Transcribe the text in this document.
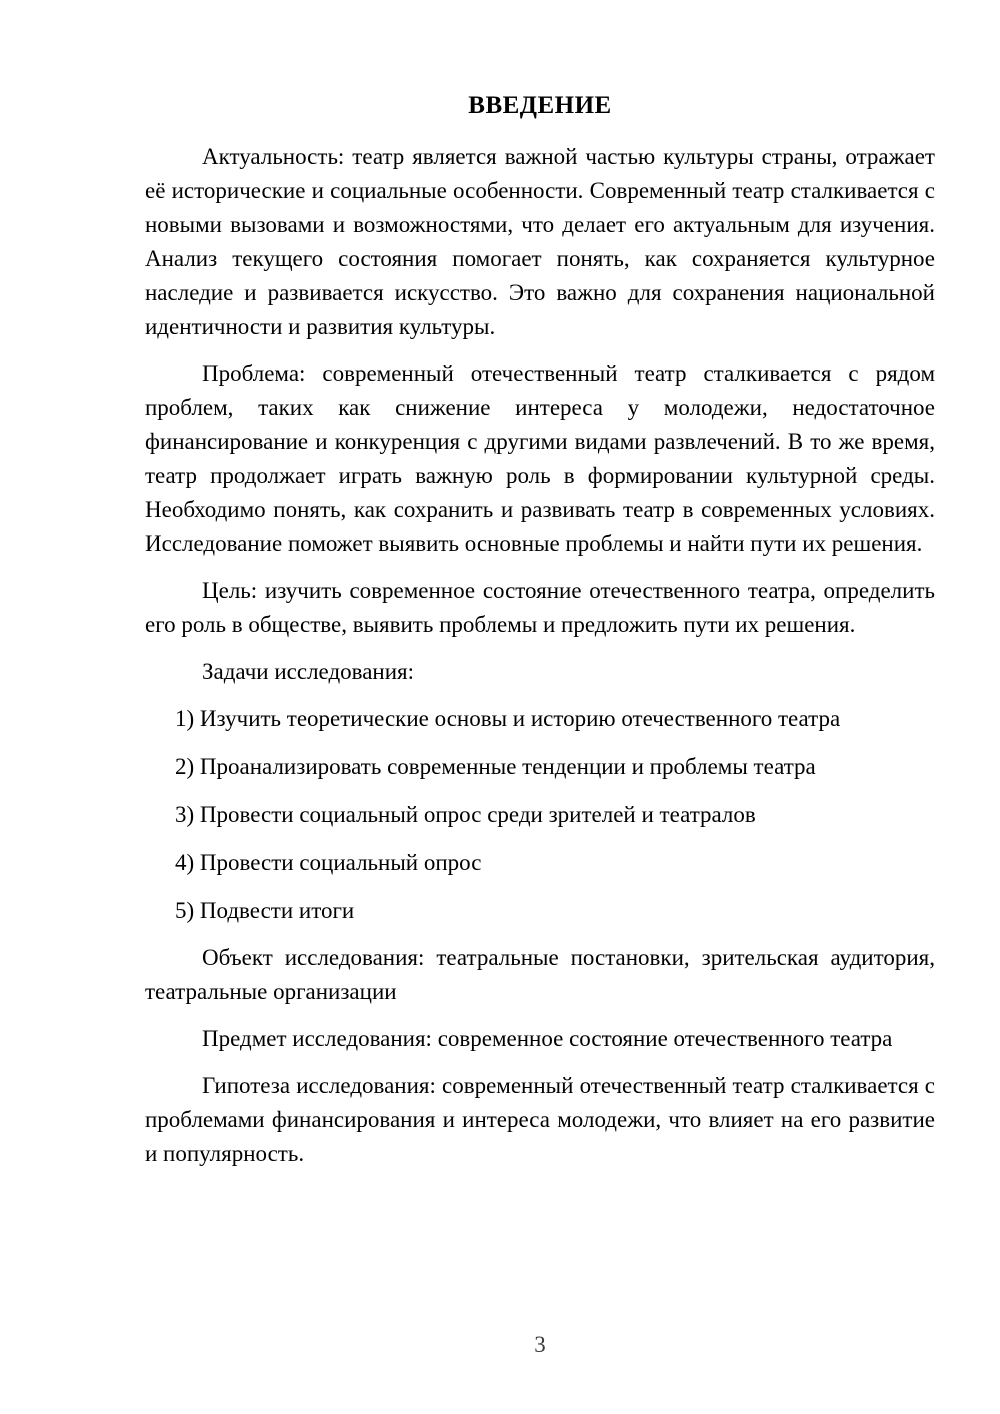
ВВЕДЕНИЕ

Актуальность: театр является важной частью культуры страны, отражает её исторические и социальные особенности. Современный театр сталкивается с новыми вызовами и возможностями, что делает его актуальным для изучения. Анализ текущего состояния помогает понять, как сохраняется культурное наследие и развивается искусство. Это важно для сохранения национальной идентичности и развития культуры.

Проблема: современный отечественный театр сталкивается с рядом проблем, таких как снижение интереса у молодежи, недостаточное финансирование и конкуренция с другими видами развлечений. В то же время, театр продолжает играть важную роль в формировании культурной среды. Необходимо понять, как сохранить и развивать театр в современных условиях. Исследование поможет выявить основные проблемы и найти пути их решения.

Цель: изучить современное состояние отечественного театра, определить его роль в обществе, выявить проблемы и предложить пути их решения.

Задачи исследования:

1) Изучить теоретические основы и историю отечественного театра
2) Проанализировать современные тенденции и проблемы театра
3) Провести социальный опрос среди зрителей и театралов
4) Провести социальный опрос
5) Подвести итоги

Объект исследования: театральные постановки, зрительская аудитория, театральные организации

Предмет исследования: современное состояние отечественного театра

Гипотеза исследования: современный отечественный театр сталкивается с проблемами финансирования и интереса молодежи, что влияет на его развитие и популярность.

3
